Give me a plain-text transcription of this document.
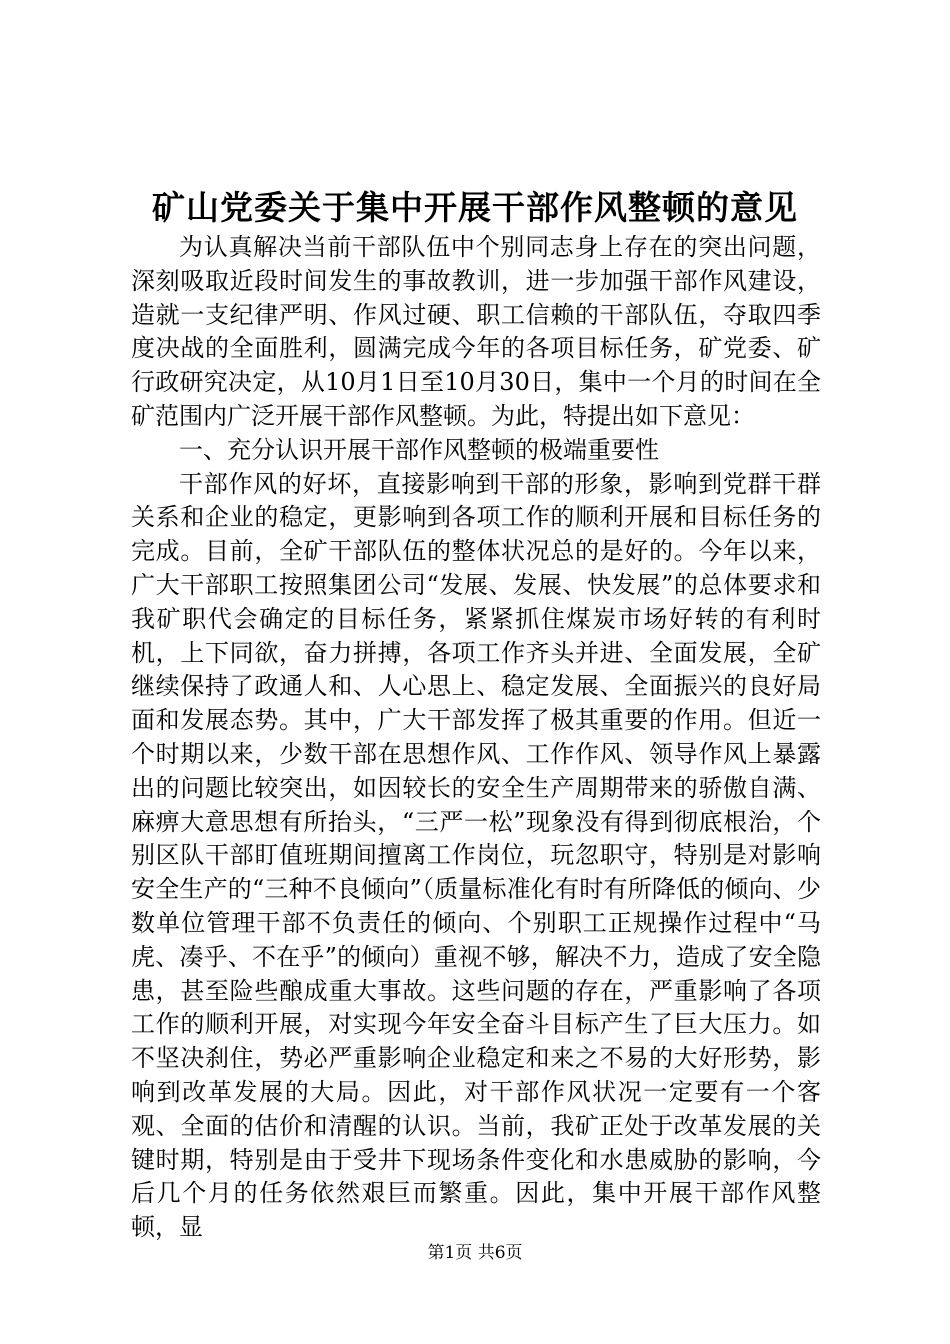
矿山党委关于集中开展干部作风整顿的意见

为认真解决当前干部队伍中个别同志身上存在的突出问题，深刻吸取近段时间发生的事故教训，进一步加强干部作风建设，造就一支纪律严明、作风过硬、职工信赖的干部队伍，夺取四季度决战的全面胜利，圆满完成今年的各项目标任务，矿党委、矿行政研究决定，从10月1日至10月30日，集中一个月的时间在全矿范围内广泛开展干部作风整顿。为此，特提出如下意见：

一、充分认识开展干部作风整顿的极端重要性

干部作风的好坏，直接影响到干部的形象，影响到党群干群关系和企业的稳定，更影响到各项工作的顺利开展和目标任务的完成。目前，全矿干部队伍的整体状况总的是好的。今年以来，广大干部职工按照集团公司“发展、发展、快发展”的总体要求和我矿职代会确定的目标任务，紧紧抓住煤炭市场好转的有利时机，上下同欲，奋力拼搏，各项工作齐头并进、全面发展，全矿继续保持了政通人和、人心思上、稳定发展、全面振兴的良好局面和发展态势。其中，广大干部发挥了极其重要的作用。但近一个时期以来，少数干部在思想作风、工作作风、领导作风上暴露出的问题比较突出，如因较长的安全生产周期带来的骄傲自满、麻痹大意思想有所抬头，“三严一松”现象没有得到彻底根治，个别区队干部盯值班期间擅离工作岗位，玩忽职守，特别是对影响安全生产的“三种不良倾向”（质量标准化有时有所降低的倾向、少数单位管理干部不负责任的倾向、个别职工正规操作过程中“马虎、凑乎、不在乎”的倾向）重视不够，解决不力，造成了安全隐患，甚至险些酿成重大事故。这些问题的存在，严重影响了各项工作的顺利开展，对实现今年安全奋斗目标产生了巨大压力。如不坚决刹住，势必严重影响企业稳定和来之不易的大好形势，影响到改革发展的大局。因此，对干部作风状况一定要有一个客观、全面的估价和清醒的认识。当前，我矿正处于改革发展的关键时期，特别是由于受井下现场条件变化和水患威胁的影响，今后几个月的任务依然艰巨而繁重。因此，集中开展干部作风整顿，显

第1页 共6页
